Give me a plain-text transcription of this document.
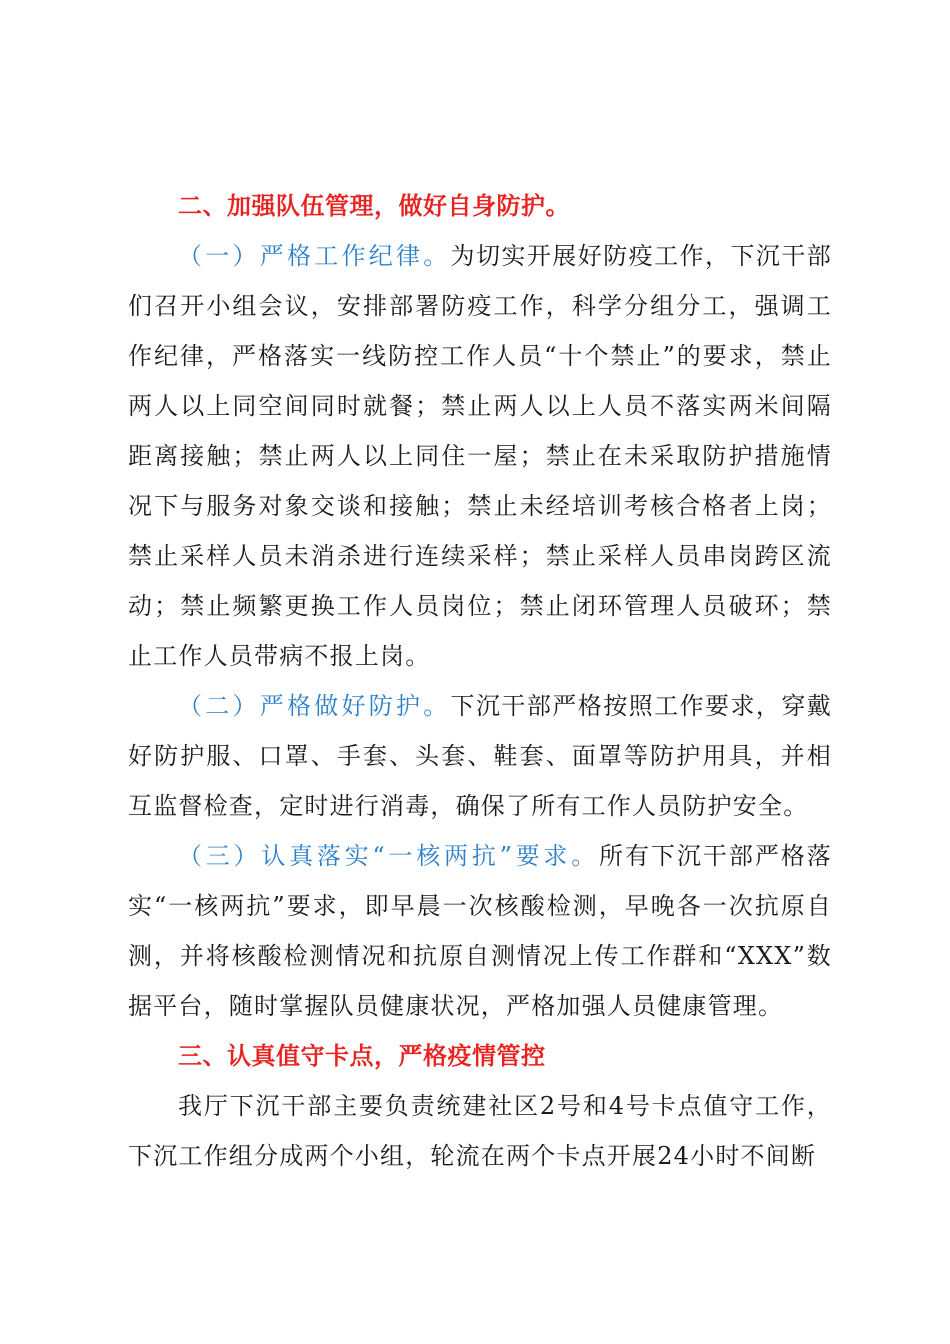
二、加强队伍管理，做好自身防护。

（一）严格工作纪律。为切实开展好防疫工作，下沉干部们召开小组会议，安排部署防疫工作，科学分组分工，强调工作纪律，严格落实一线防控工作人员“十个禁止”的要求，禁止两人以上同空间同时就餐；禁止两人以上人员不落实两米间隔距离接触；禁止两人以上同住一屋；禁止在未采取防护措施情况下与服务对象交谈和接触；禁止未经培训考核合格者上岗；禁止采样人员未消杀进行连续采样；禁止采样人员串岗跨区流动；禁止频繁更换工作人员岗位；禁止闭环管理人员破环；禁止工作人员带病不报上岗。

（二）严格做好防护。下沉干部严格按照工作要求，穿戴好防护服、口罩、手套、头套、鞋套、面罩等防护用具，并相互监督检查，定时进行消毒，确保了所有工作人员防护安全。

（三）认真落实“一核两抗”要求。所有下沉干部严格落实“一核两抗”要求，即早晨一次核酸检测，早晚各一次抗原自测，并将核酸检测情况和抗原自测情况上传工作群和“XXX”数据平台，随时掌握队员健康状况，严格加强人员健康管理。

三、认真值守卡点，严格疫情管控

我厅下沉干部主要负责统建社区2号和4号卡点值守工作，下沉工作组分成两个小组，轮流在两个卡点开展24小时不间断
